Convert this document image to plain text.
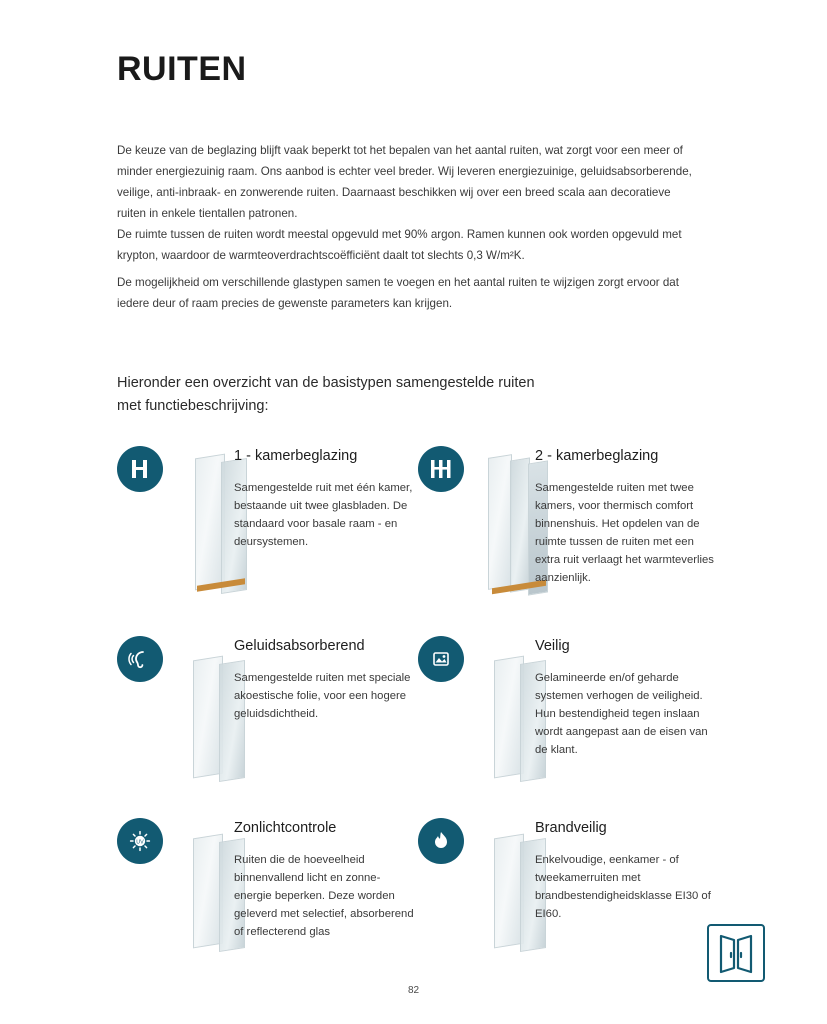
RUITEN
De keuze van de beglazing blijft vaak beperkt tot het bepalen van het aantal ruiten, wat zorgt voor een meer of minder energiezuinig raam. Ons aanbod is echter veel breder. Wij leveren energiezuinige, geluidsabsorberende, veilige, anti-inbraak- en zonwerende ruiten. Daarnaast beschikken wij over een breed scala aan decoratieve ruiten in enkele tientallen patronen.
De ruimte tussen de ruiten wordt meestal opgevuld met 90% argon. Ramen kunnen ook worden opgevuld met krypton, waardoor de warmteoverdrachtscoëfficiënt daalt tot slechts 0,3 W/m²K.
De mogelijkheid om verschillende glastypen samen te voegen en het aantal ruiten te wijzigen zorgt ervoor dat iedere deur of raam precies de gewenste parameters kan krijgen.
Hieronder een overzicht van de basistypen samengestelde ruiten met functiebeschrijving:
1 - kamerbeglazing
Samengestelde ruit met één kamer, bestaande uit twee glasbladen. De standaard voor basale raam - en deursystemen.
2 - kamerbeglazing
Samengestelde ruiten met twee kamers, voor thermisch comfort binnenshuis. Het opdelen van de ruimte tussen de ruiten met een extra ruit verlaagt het warmteverlies aanzienlijk.
Geluidsabsorberend
Samengestelde ruiten met speciale akoestische folie, voor een hogere geluidsdichtheid.
Veilig
Gelamineerde en/of geharde systemen verhogen de veiligheid. Hun bestendigheid tegen inslaan wordt aangepast aan de eisen van de klant.
UV
Zonlichtcontrole
Ruiten die de hoeveelheid binnenvallend licht en zonne-energie beperken. Deze worden geleverd met selectief, absorberend of reflecterend glas
Brandveilig
Enkelvoudige, eenkamer - of tweekamerruiten met brandbestendigheidsklasse EI30 of EI60.
82
